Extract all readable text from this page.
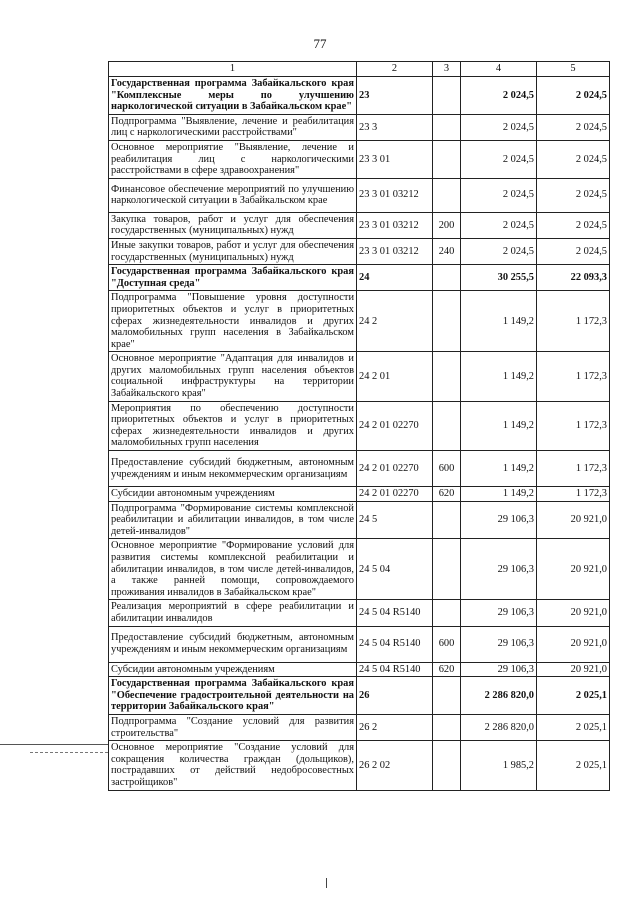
77
1	2	3	4	5
Государственная программа Забайкальского края "Комплексные меры по улучшению наркологической ситуации в Забайкальском крае"	23		2 024,5	2 024,5
Подпрограмма "Выявление, лечение и реабилитация лиц с наркологическими расстройствами"	23 3		2 024,5	2 024,5
Основное мероприятие "Выявление, лечение и реабилитация лиц с наркологическими расстройствами в сфере здравоохранения"	23 3 01		2 024,5	2 024,5
Финансовое обеспечение мероприятий по улучшению наркологической ситуации в Забайкальском крае	23 3 01 03212		2 024,5	2 024,5
Закупка товаров, работ и услуг для обеспечения государственных (муниципальных) нужд	23 3 01 03212	200	2 024,5	2 024,5
Иные закупки товаров, работ и услуг для обеспечения государственных (муниципальных) нужд	23 3 01 03212	240	2 024,5	2 024,5
Государственная программа Забайкальского края "Доступная среда"	24		30 255,5	22 093,3
Подпрограмма "Повышение уровня доступности приоритетных объектов и услуг в приоритетных сферах жизнедеятельности инвалидов и других маломобильных групп населения в Забайкальском крае"	24 2		1 149,2	1 172,3
Основное мероприятие "Адаптация для инвалидов и других маломобильных групп населения объектов социальной инфраструктуры на территории Забайкальского края"	24 2 01		1 149,2	1 172,3
Мероприятия по обеспечению доступности приоритетных объектов и услуг в приоритетных сферах жизнедеятельности инвалидов и других маломобильных групп населения	24 2 01 02270		1 149,2	1 172,3
Предоставление субсидий бюджетным, автономным учреждениям и иным некоммерческим организациям	24 2 01 02270	600	1 149,2	1 172,3
Субсидии автономным учреждениям	24 2 01 02270	620	1 149,2	1 172,3
Подпрограмма "Формирование системы комплексной реабилитации и абилитации инвалидов, в том числе детей-инвалидов"	24 5		29 106,3	20 921,0
Основное мероприятие "Формирование условий для развития системы комплексной реабилитации и абилитации инвалидов, в том числе детей-инвалидов, а также ранней помощи, сопровождаемого проживания инвалидов в Забайкальском крае"	24 5 04		29 106,3	20 921,0
Реализация мероприятий в сфере реабилитации и абилитации инвалидов	24 5 04 R5140		29 106,3	20 921,0
Предоставление субсидий бюджетным, автономным учреждениям и иным некоммерческим организациям	24 5 04 R5140	600	29 106,3	20 921,0
Субсидии автономным учреждениям	24 5 04 R5140	620	29 106,3	20 921,0
Государственная программа Забайкальского края "Обеспечение градостроительной деятельности на территории Забайкальского края"	26		2 286 820,0	2 025,1
Подпрограмма "Создание условий для развития строительства"	26 2		2 286 820,0	2 025,1
Основное мероприятие "Создание условий для сокращения количества граждан (дольщиков), пострадавших от действий недобросовестных застройщиков"	26 2 02		1 985,2	2 025,1
